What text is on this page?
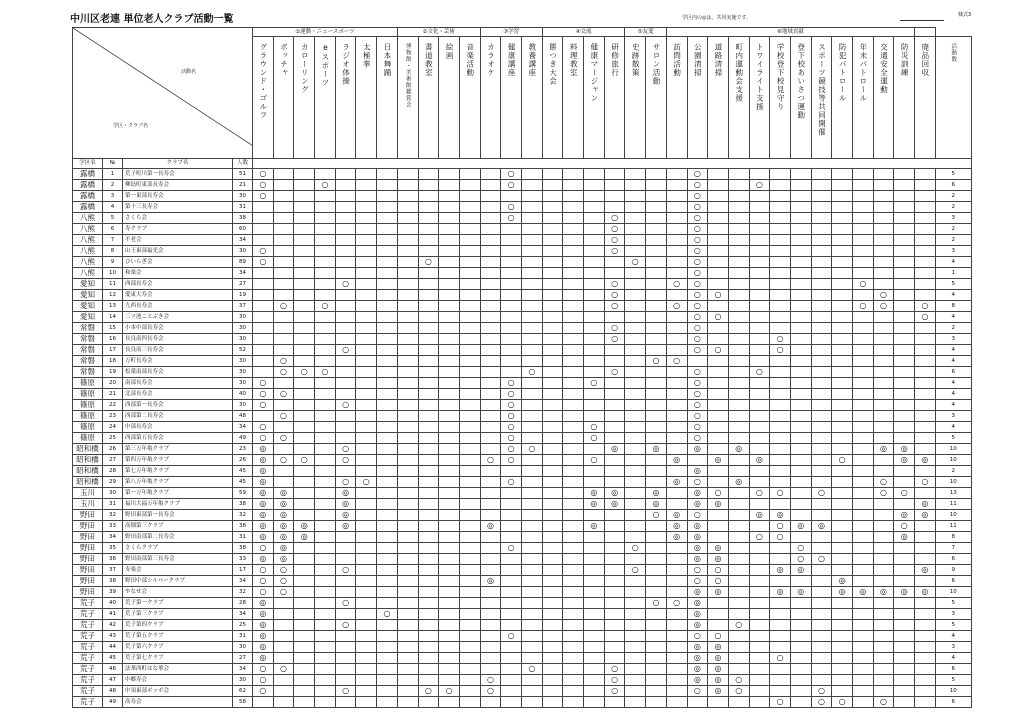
中川区老連 単位老人クラブ活動一覧	学区内の◎は、共同実施です。	様式3
活動名
学区・クラブ名				①運動・ニュースポーツ							②文化・芸術				③学習			④交流				⑤友愛		⑥地域貢献													
				グラウンド・ゴルフ	ボッチャ	カローリング	eスポーツ	ラジオ体操	太極拳	日本舞踊	博物館・美術館鑑賞会	書道教室	絵画	音楽活動	カラオケ	健康講座	教養講座	餅つき大会	料理教室	健康マージャン	研修旅行	史跡散策	サロン活動	訪問活動	公園清掃	道路清掃	町内運動会支援	トワイライト支援	学校登下校見守り	登下校あいさつ運動	スポーツ競技等共同開催	防犯パトロール	年末パトロール	交通安全運動	防災訓練	廃品回収	活動数
学区名	№	クラブ名	人数																																		
露橋	1	荒子町川第一長寿会	51	○												○									○												5
露橋	2	柳島町東部長寿会	21	○			○									○									○			○									6
露橋	3	第一東部長寿会	30	○																					○												2
露橋	4	第十三長寿会	31													○									○												2
八熊	5	さくら会	38													○					○				○												3
八熊	6	寿クラブ	60																		○				○												2
八熊	7	不老会	34																		○				○												2
八熊	8	山王東部福光会	30	○																	○				○												3
八熊	9	ひいらぎ会	89	○								○										○			○												4
八熊	10	和楽会	34																						○												1
愛知	11	西部長寿会	27					○													○			○	○								○				5
愛知	12	愛東大寿会	19																		○				○	○								○			4
愛知	13	九西長寿会	37		○		○														○			○	○								○	○		○	8
愛知	14	三ツ池ことぶき会	30																						○	○										○	4
常磐	15	小本中部長寿会	30																		○				○												2
常磐	16	長良南四長寿会	30																		○				○				○								3
常磐	17	長良南三長寿会	52					○																	○	○			○								4
常磐	18	万町長寿会	30		○																		○	○													4
常磐	19	松葉南部長寿会	30		○	○	○										○				○				○			○									6
篠原	20	南部長寿会	30	○												○				○					○												4
篠原	21	北部長寿会	40	○	○											○									○												4
篠原	22	西部第一長寿会	30	○				○								○									○												4
篠原	23	西部第二長寿会	48		○											○									○												3
篠原	24	中部長寿会	34	○												○				○					○												4
篠原	25	西部第五長寿会	49	○	○											○				○					○												5
昭和橋	26	第三万年亀クラブ	23	◎				○								○	○				◎		◎		◎		◎							◎	◎		10
昭和橋	27	第四万年亀クラブ	26	◎	○	○		○							○	○				○				◎		◎		◎				○			◎	◎	10
昭和橋	28	第七万年亀クラブ	45	◎																					◎												2
昭和橋	29	第八万年亀クラブ	45	◎				○	○							○								◎	○		◎							○		○	10
玉川	30	第一万年亀クラブ	59	◎	◎			◎												◎	◎		◎		◎	○		○	○		○			○	○		13
玉川	31	福川大福万年亀クラブ	38	◎	◎			◎												◎	◎		◎		◎	◎										◎	11
野田	32	野田東部第一長寿会	32	◎	◎			◎															○	◎	○			◎	◎						◎	◎	10
野田	33	高畑第三クラブ	38	◎	◎	◎		◎							◎					◎				◎	◎				○	◎	◎				○		11
野田	34	野田南部第二長寿会	31	◎	◎	◎																		◎	◎			○	○						◎		8
野田	35	さくらクラブ	38	○	◎											○						○			◎	◎				○							7
野田	36	野田南部第三長寿会	33	◎	◎																				◎	◎				○	○						6
野田	37	寿楽会	17	○	○			○														○			○	○			◎	◎						◎	9
野田	38	野田中部シルバークラブ	34	○	○										◎										○	○						◎					6
野田	39	やなせ会	32	○	○																				◎	◎			◎	◎		◎	◎	◎	◎	◎	10
荒子	40	荒子第一クラブ	28	◎				○															○	○	◎												5
荒子	41	荒子第三クラブ	34	◎						○															◎												3
荒子	42	荒子第四クラブ	25	◎				○																	◎		○										5
荒子	43	荒子第五クラブ	31	◎												○									○	○											4
荒子	44	荒子第六クラブ	30	◎																					◎	◎											3
荒子	45	荒子第七クラブ	27	◎																					◎	◎			○								4
荒子	46	法華西町はな華会	34	○	○												○				○				◎	◎											6
荒子	47	中郷寿会	30	○											○						○				◎	◎	○										5
荒子	48	中須東部ボッボ会	62	○				○				○	○		○						○				○	◎	○				○						10
荒子	49	高寿会	58																										○		○	○		○			6
